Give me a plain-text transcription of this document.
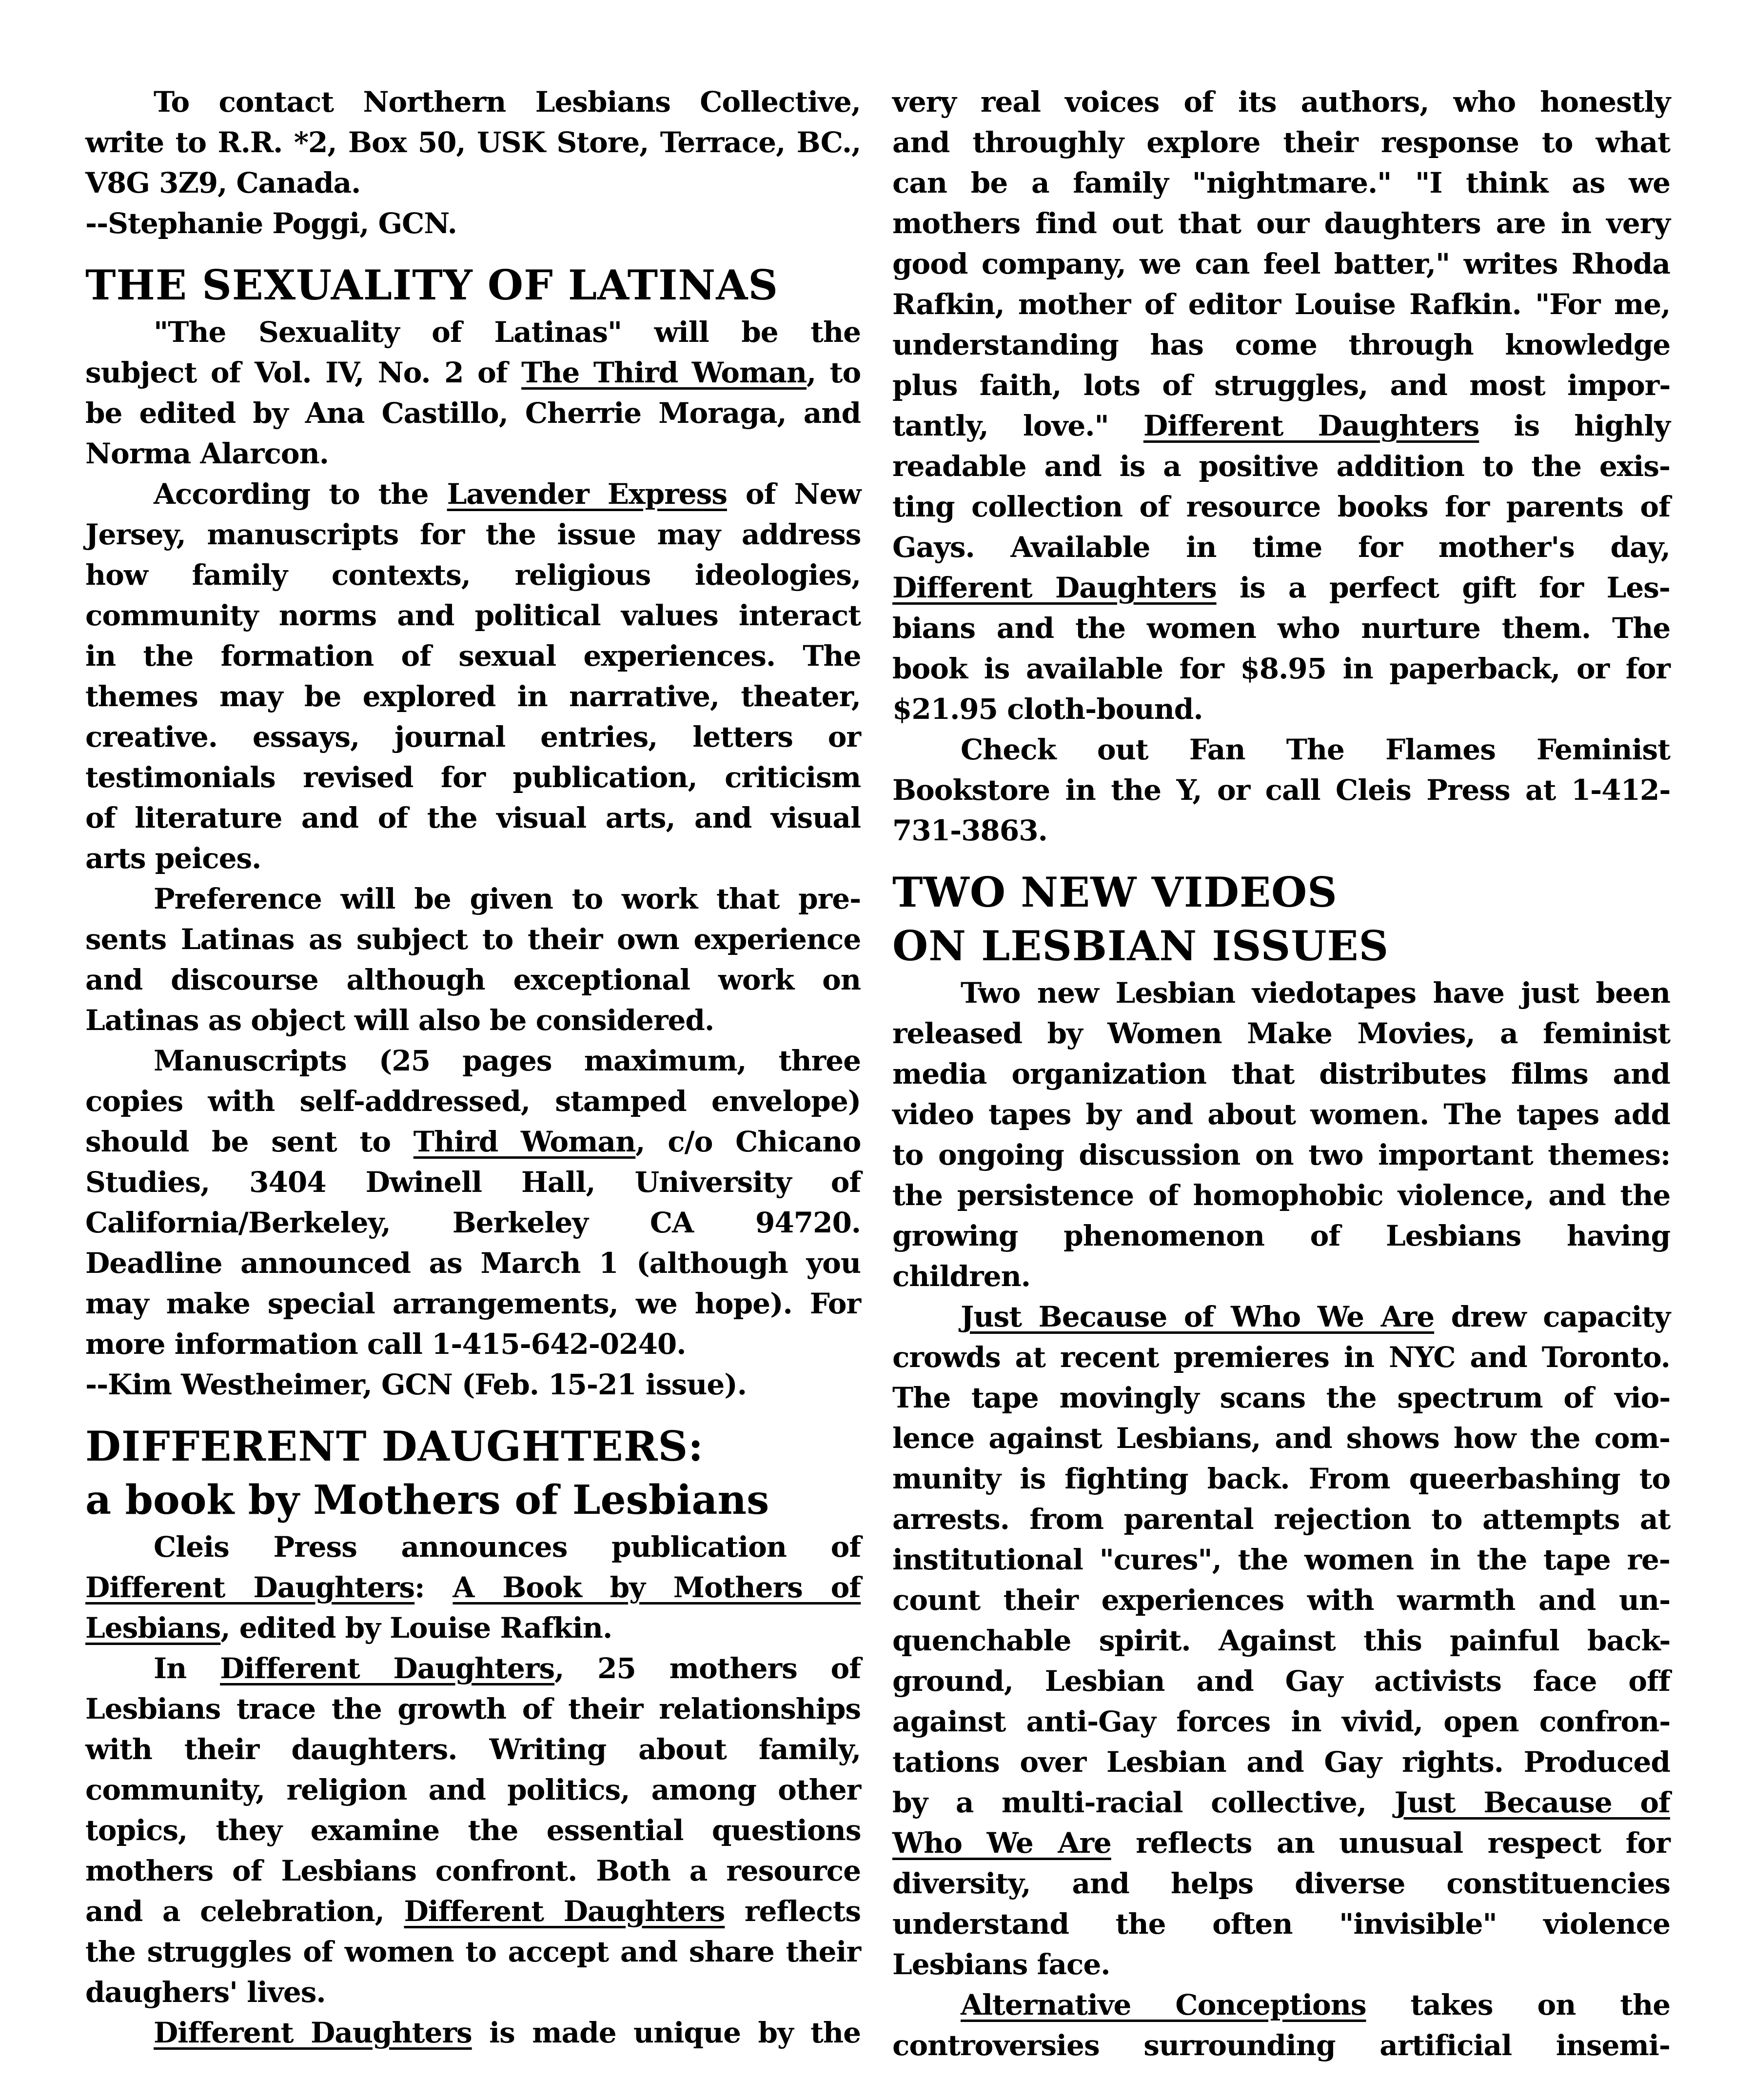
To contact Northern Lesbians Collective,
write to R.R. *2, Box 50, USK Store, Terrace, BC.,
V8G 3Z9, Canada.
--Stephanie Poggi, GCN.
THE SEXUALITY OF LATINAS
"The Sexuality of Latinas" will be the
subject of Vol. IV, No. 2 of The Third Woman, to
be edited by Ana Castillo, Cherrie Moraga, and
Norma Alarcon.
According to the Lavender Express of New
Jersey, manuscripts for the issue may address
how family contexts, religious ideologies,
community norms and political values interact
in the formation of sexual experiences. The
themes may be explored in narrative, theater,
creative. essays, journal entries, letters or
testimonials revised for publication, criticism
of literature and of the visual arts, and visual
arts peices.
Preference will be given to work that pre-
sents Latinas as subject to their own experience
and discourse although exceptional work on
Latinas as object will also be considered.
Manuscripts (25 pages maximum, three
copies with self-addressed, stamped envelope)
should be sent to Third Woman, c/o Chicano
Studies, 3404 Dwinell Hall, University of
California/Berkeley, Berkeley CA 94720.
Deadline announced as March 1 (although you
may make special arrangements, we hope). For
more information call 1-415-642-0240.
--Kim Westheimer, GCN (Feb. 15-21 issue).
DIFFERENT DAUGHTERS:
a book by Mothers of Lesbians
Cleis Press announces publication of
Different Daughters: A Book by Mothers of
Lesbians, edited by Louise Rafkin.
In Different Daughters, 25 mothers of
Lesbians trace the growth of their relationships
with their daughters. Writing about family,
community, religion and politics, among other
topics, they examine the essential questions
mothers of Lesbians confront. Both a resource
and a celebration, Different Daughters reflects
the struggles of women to accept and share their
daughers' lives.
Different Daughters is made unique by the
very real voices of its authors, who honestly
and throughly explore their response to what
can be a family "nightmare." "I think as we
mothers find out that our daughters are in very
good company, we can feel batter," writes Rhoda
Rafkin, mother of editor Louise Rafkin. "For me,
understanding has come through knowledge
plus faith, lots of struggles, and most impor-
tantly, love." Different Daughters is highly
readable and is a positive addition to the exis-
ting collection of resource books for parents of
Gays. Available in time for mother's day,
Different Daughters is a perfect gift for Les-
bians and the women who nurture them. The
book is available for $8.95 in paperback, or for
$21.95 cloth-bound.
Check out Fan The Flames Feminist
Bookstore in the Y, or call Cleis Press at 1-412-
731-3863.
TWO NEW VIDEOS
ON LESBIAN ISSUES
Two new Lesbian viedotapes have just been
released by Women Make Movies, a feminist
media organization that distributes films and
video tapes by and about women. The tapes add
to ongoing discussion on two important themes:
the persistence of homophobic violence, and the
growing phenomenon of Lesbians having
children.
Just Because of Who We Are drew capacity
crowds at recent premieres in NYC and Toronto.
The tape movingly scans the spectrum of vio-
lence against Lesbians, and shows how the com-
munity is fighting back. From queerbashing to
arrests. from parental rejection to attempts at
institutional "cures", the women in the tape re-
count their experiences with warmth and un-
quenchable spirit. Against this painful back-
ground, Lesbian and Gay activists face off
against anti-Gay forces in vivid, open confron-
tations over Lesbian and Gay rights. Produced
by a multi-racial collective, Just Because of
Who We Are reflects an unusual respect for
diversity, and helps diverse constituencies
understand the often "invisible" violence
Lesbians face.
Alternative Conceptions takes on the
controversies surrounding artificial insemi-
